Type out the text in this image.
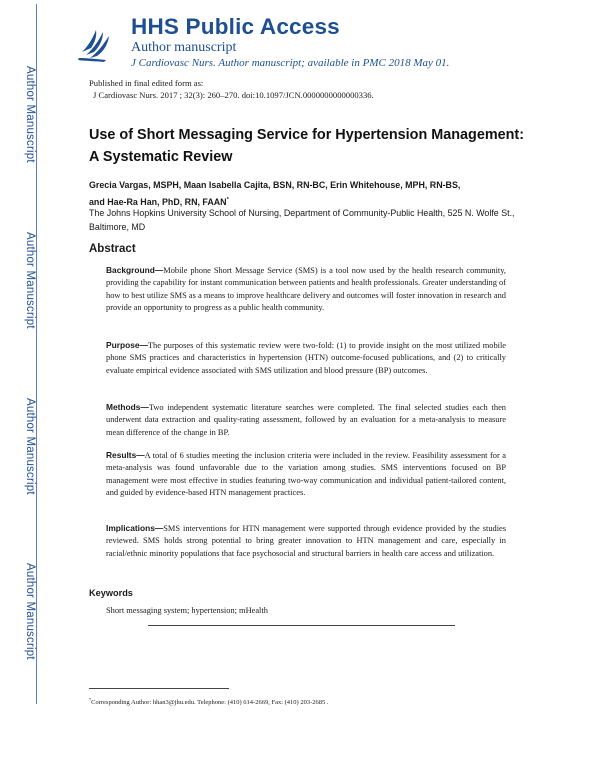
HHS Public Access
Author manuscript
J Cardiovasc Nurs. Author manuscript; available in PMC 2018 May 01.
Author Manuscript
Author Manuscript
Author Manuscript
Author Manuscript
Published in final edited form as:
J Cardiovasc Nurs. 2017 ; 32(3): 260–270. doi:10.1097/JCN.0000000000000336.
Use of Short Messaging Service for Hypertension Management: A Systematic Review
Grecia Vargas, MSPH, Maan Isabella Cajita, BSN, RN-BC, Erin Whitehouse, MPH, RN-BS,
and Hae-Ra Han, PhD, RN, FAAN*
The Johns Hopkins University School of Nursing, Department of Community-Public Health, 525 N. Wolfe St., Baltimore, MD
Abstract
Background—Mobile phone Short Message Service (SMS) is a tool now used by the health research community, providing the capability for instant communication between patients and health professionals. Greater understanding of how to best utilize SMS as a means to improve healthcare delivery and outcomes will foster innovation in research and provide an opportunity to progress as a public health community.
Purpose—The purposes of this systematic review were two-fold: (1) to provide insight on the most utilized mobile phone SMS practices and characteristics in hypertension (HTN) outcome-focused publications, and (2) to critically evaluate empirical evidence associated with SMS utilization and blood pressure (BP) outcomes.
Methods—Two independent systematic literature searches were completed. The final selected studies each then underwent data extraction and quality-rating assessment, followed by an evaluation for a meta-analysis to measure mean difference of the change in BP.
Results—A total of 6 studies meeting the inclusion criteria were included in the review. Feasibility assessment for a meta-analysis was found unfavorable due to the variation among studies. SMS interventions focused on BP management were most effective in studies featuring two-way communication and individual patient-tailored content, and guided by evidence-based HTN management practices.
Implications—SMS interventions for HTN management were supported through evidence provided by the studies reviewed. SMS holds strong potential to bring greater innovation to HTN management and care, especially in racial/ethnic minority populations that face psychosocial and structural barriers in health care access and utilization.
Keywords
Short messaging system; hypertension; mHealth
*Corresponding Author: hhan3@jhu.edu. Telephone: (410) 614-2669, Fax: (410) 203-2685 .
